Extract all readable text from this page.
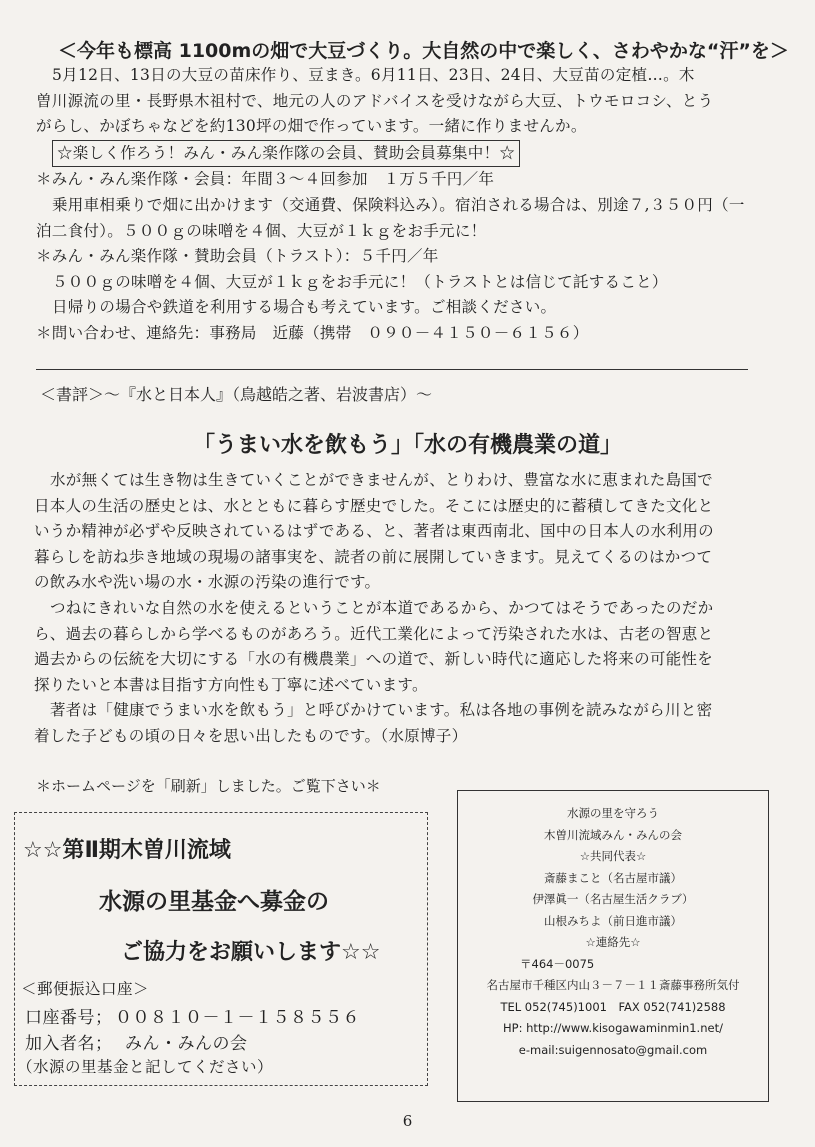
＜今年も標高 1100mの畑で大豆づくり。大自然の中で楽しく、さわやかな“汗”を＞
5月12日、13日の大豆の苗床作り、豆まき。6月11日、23日、24日、大豆苗の定植…。木
曽川源流の里・長野県木祖村で、地元の人のアドバイスを受けながら大豆、トウモロコシ、とう
がらし、かぼちゃなどを約130坪の畑で作っています。一緒に作りませんか。
☆楽しく作ろう！みん・みん楽作隊の会員、賛助会員募集中！☆
＊みん・みん楽作隊・会員：年間３～４回参加　１万５千円／年
乗用車相乗りで畑に出かけます（交通費、保険料込み）。宿泊される場合は、別途７,３５０円（一
泊二食付）。５００ｇの味噌を４個、大豆が１ｋｇをお手元に！
＊みん・みん楽作隊・賛助会員（トラスト）：５千円／年
５００ｇの味噌を４個、大豆が１ｋｇをお手元に！（トラストとは信じて託すること）
日帰りの場合や鉄道を利用する場合も考えています。ご相談ください。
＊問い合わせ、連絡先：事務局　近藤（携帯　０９０－４１５０－６１５６）
＜書評＞～『水と日本人』（鳥越皓之著、岩波書店）～
「うまい水を飲もう」「水の有機農業の道」
水が無くては生き物は生きていくことができませんが、とりわけ、豊富な水に恵まれた島国で
日本人の生活の歴史とは、水とともに暮らす歴史でした。そこには歴史的に蓄積してきた文化と
いうか精神が必ずや反映されているはずである、と、著者は東西南北、国中の日本人の水利用の
暮らしを訪ね歩き地域の現場の諸事実を、読者の前に展開していきます。見えてくるのはかつて
の飲み水や洗い場の水・水源の汚染の進行です。
つねにきれいな自然の水を使えるということが本道であるから、かつてはそうであったのだか
ら、過去の暮らしから学べるものがあろう。近代工業化によって汚染された水は、古老の智恵と
過去からの伝統を大切にする「水の有機農業」への道で、新しい時代に適応した将来の可能性を
探りたいと本書は目指す方向性も丁寧に述べています。
著者は「健康でうまい水を飲もう」と呼びかけています。私は各地の事例を読みながら川と密
着した子どもの頃の日々を思い出したものです。（水原博子）
＊ホームページを「刷新」しました。ご覧下さい＊
☆☆第Ⅱ期木曽川流域
水源の里基金へ募金の
ご協力をお願いします☆☆
＜郵便振込口座＞
口座番号； ００８１０－１－１５８５５６
加入者名； みん・みんの会
（水源の里基金と記してください）
水源の里を守ろう
木曽川流域みん・みんの会
☆共同代表☆
斎藤まこと（名古屋市議）
伊澤眞一（名古屋生活クラブ）
山根みちよ（前日進市議）
☆連絡先☆
〒464－0075
名古屋市千種区内山３－７－１１斎藤事務所気付
TEL 052(745)1001　FAX 052(741)2588
HP: http://www.kisogawaminmin1.net/
e-mail:suigennosato@gmail.com
6
